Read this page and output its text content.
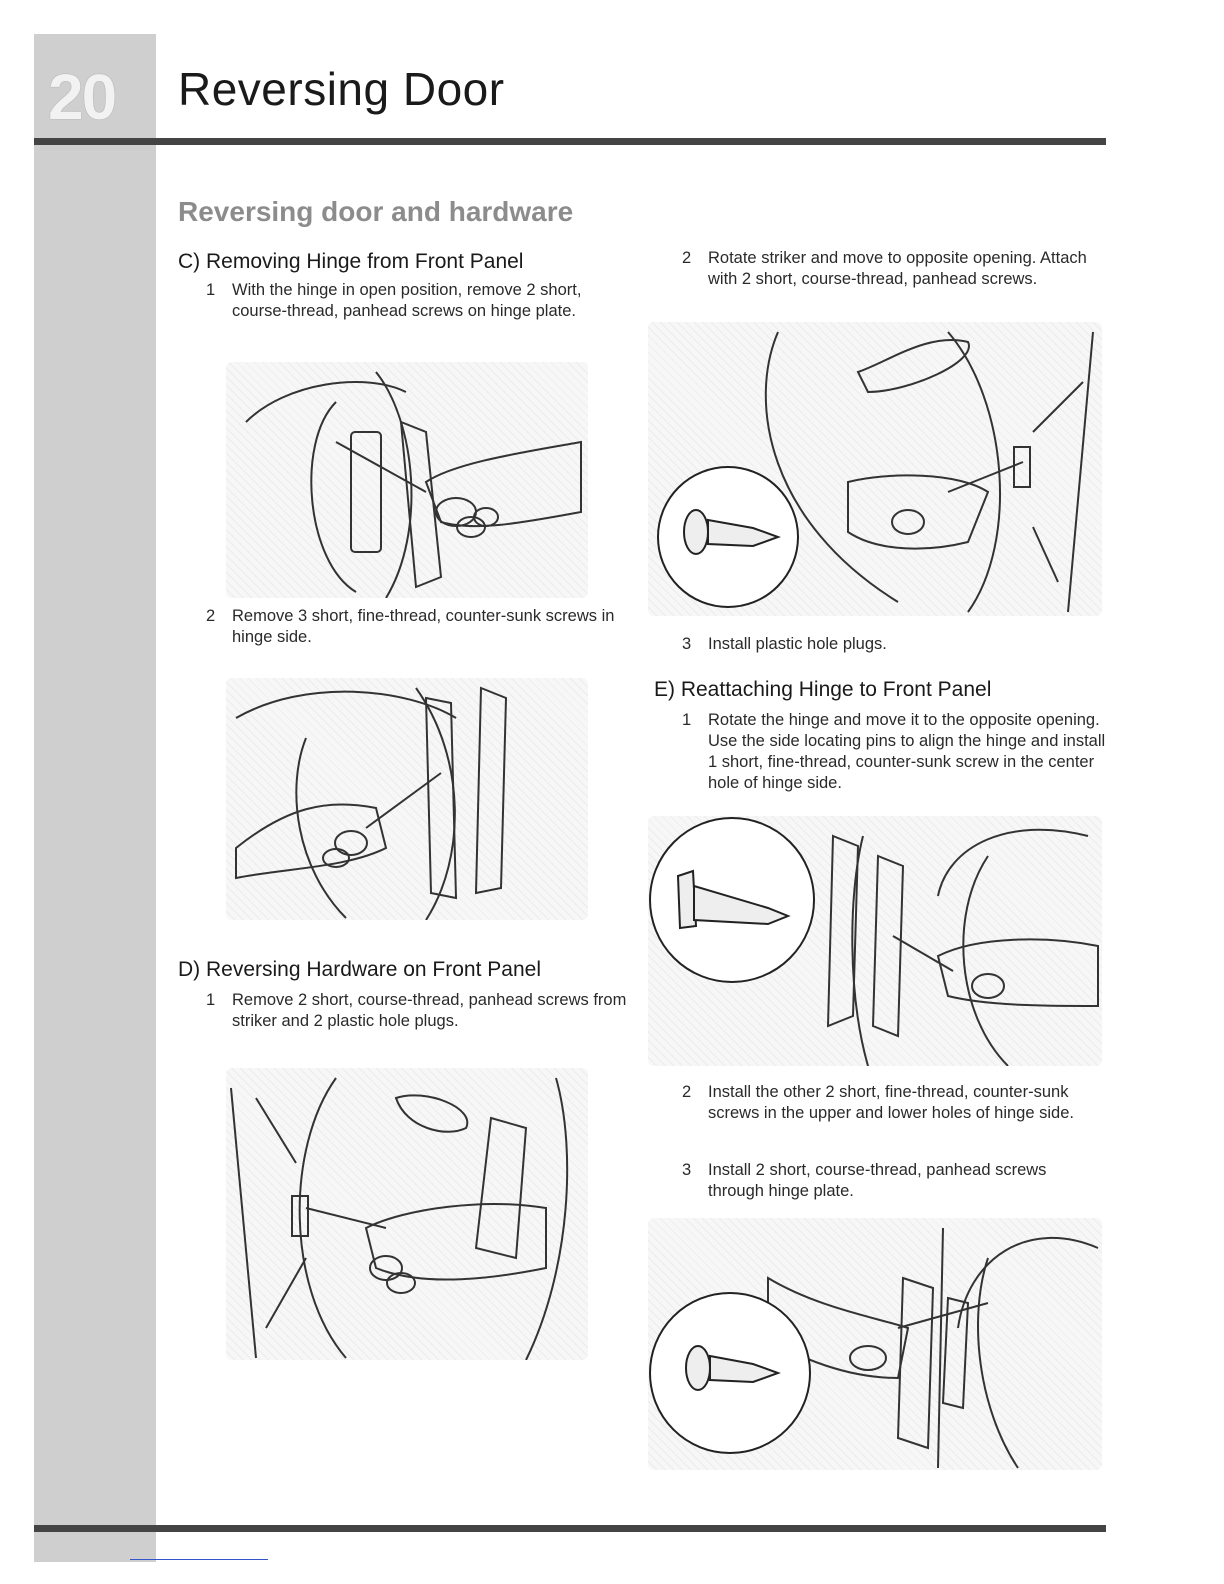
20	Reversing Door
Reversing door and hardware
C) Removing Hinge from Front Panel
1 With the hinge in open position, remove 2 short, course-thread, panhead screws on hinge plate.
2 Remove 3 short, fine-thread, counter-sunk screws in hinge side.
D) Reversing Hardware on Front Panel
1 Remove 2 short, course-thread, panhead screws from striker and 2 plastic hole plugs.
2 Rotate striker and move to opposite opening. Attach with 2 short, course-thread, panhead screws.
3 Install plastic hole plugs.
E) Reattaching Hinge to Front Panel
1 Rotate the hinge and move it to the opposite opening. Use the side locating pins to align the hinge and install 1 short, fine-thread, counter-sunk screw in the center hole of hinge side.
2 Install the other 2 short, fine-thread, counter-sunk screws in the upper and lower holes of hinge side.
3 Install 2 short, course-thread, panhead screws through hinge plate.
